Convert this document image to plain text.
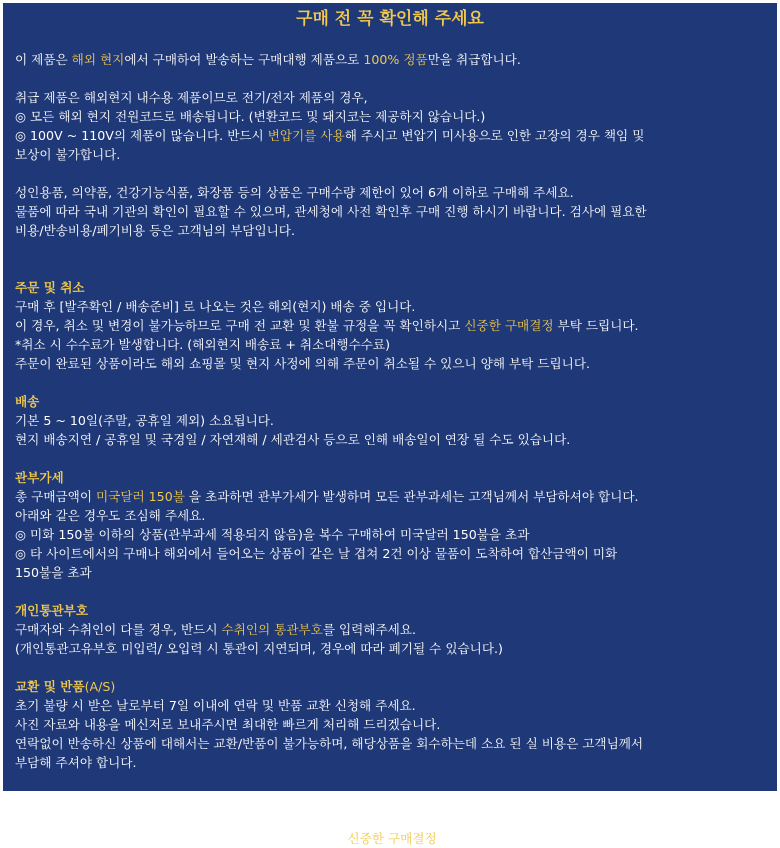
구매 전 꼭 확인해 주세요
이 제품은 해외 현지에서 구매하여 발송하는 구매대행 제품으로 100% 정품만을 취급합니다.
취급 제품은 해외현지 내수용 제품이므로 전기/전자 제품의 경우,
◎ 모든 해외 현지 전원코드로 배송됩니다. (변환코드 및 돼지코는 제공하지 않습니다.)
◎ 100V ~ 110V의 제품이 많습니다. 반드시 변압기를 사용해 주시고 변압기 미사용으로 인한 고장의 경우 책임 및
보상이 불가합니다.
성인용품, 의약품, 건강기능식품, 화장품 등의 상품은 구매수량 제한이 있어 6개 이하로 구매해 주세요.
물품에 따라 국내 기관의 확인이 필요할 수 있으며, 관세청에 사전 확인후 구매 진행 하시기 바랍니다. 검사에 필요한
비용/반송비용/폐기비용 등은 고객님의 부담입니다.
주문 및 취소
구매 후 [발주확인 / 배송준비] 로 나오는 것은 해외(현지) 배송 중 입니다.
이 경우, 취소 및 변경이 불가능하므로 구매 전 교환 및 환불 규정을 꼭 확인하시고 신중한 구매결정 부탁 드립니다.
*취소 시 수수료가 발생합니다. (해외현지 배송료 + 취소대행수수료)
주문이 완료된 상품이라도 해외 쇼핑몰 및 현지 사정에 의해 주문이 취소될 수 있으니 양해 부탁 드립니다.
배송
기본 5 ~ 10일(주말, 공휴일 제외) 소요됩니다.
현지 배송지연 / 공휴일 및 국경일 / 자연재해 / 세관검사 등으로 인해 배송일이 연장 될 수도 있습니다.
관부가세
총 구매금액이 미국달러 150불 을 초과하면 관부가세가 발생하며 모든 관부과세는 고객님께서 부담하셔야 합니다.
아래와 같은 경우도 조심해 주세요.
◎ 미화 150불 이하의 상품(관부과세 적용되지 않음)을 복수 구매하여 미국달러 150불을 초과
◎ 타 사이트에서의 구매나 해외에서 들어오는 상품이 같은 날 겹쳐 2건 이상 물품이 도착하여 합산금액이 미화
150불을 초과
개인통관부호
구매자와 수취인이 다를 경우, 반드시 수취인의 통관부호를 입력해주세요.
(개인통관고유부호 미입력/ 오입력 시 통관이 지연되며, 경우에 따라 폐기될 수 있습니다.)
교환 및 반품(A/S)
초기 불량 시 받은 날로부터 7일 이내에 연락 및 반품 교환 신청해 주세요.
사진 자료와 내용을 메신저로 보내주시면 최대한 빠르게 처리해 드리겠습니다.
연락없이 반송하신 상품에 대해서는 교환/반품이 불가능하며, 해당상품을 회수하는데 소요 된 실 비용은 고객님께서
부담해 주셔야 합니다.
그 외, 단순 변심으로 인한 교환/환불 시 별도 수수료가 발생하며, 관부과세에 대한 환불은 불가합니다.
해외 구매대행 특성상 출고 후 반품/교환/취소가 어렵습니다. 신중한 구매결정 부탁 드립니다.
